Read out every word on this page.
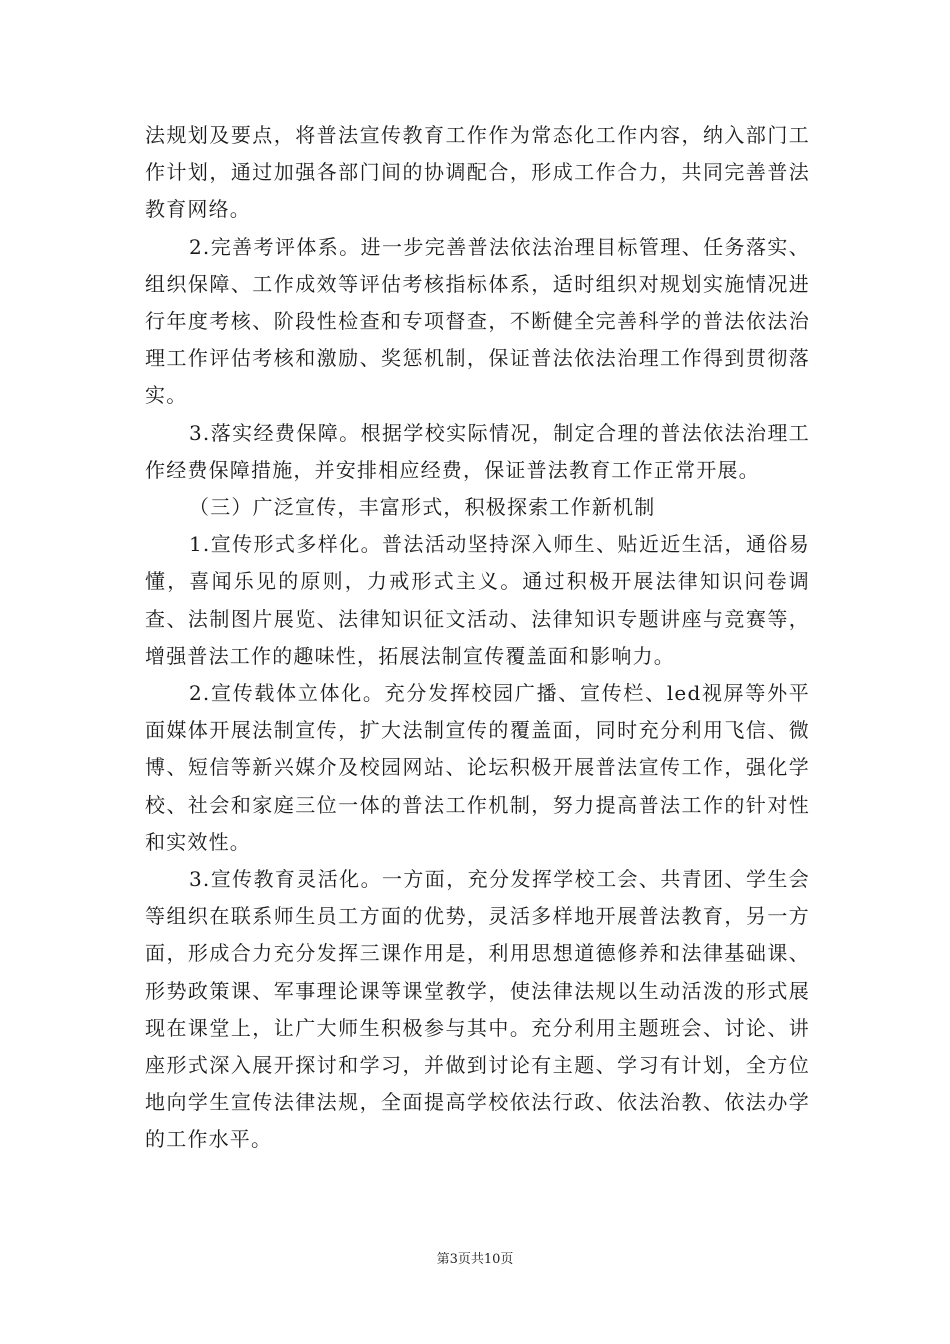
法规划及要点，将普法宣传教育工作作为常态化工作内容，纳入部门工作计划，通过加强各部门间的协调配合，形成工作合力，共同完善普法教育网络。

2.完善考评体系。进一步完善普法依法治理目标管理、任务落实、组织保障、工作成效等评估考核指标体系，适时组织对规划实施情况进行年度考核、阶段性检查和专项督查，不断健全完善科学的普法依法治理工作评估考核和激励、奖惩机制，保证普法依法治理工作得到贯彻落实。

3.落实经费保障。根据学校实际情况，制定合理的普法依法治理工作经费保障措施，并安排相应经费，保证普法教育工作正常开展。

（三）广泛宣传，丰富形式，积极探索工作新机制

1.宣传形式多样化。普法活动坚持深入师生、贴近近生活，通俗易懂，喜闻乐见的原则，力戒形式主义。通过积极开展法律知识问卷调查、法制图片展览、法律知识征文活动、法律知识专题讲座与竞赛等，增强普法工作的趣味性，拓展法制宣传覆盖面和影响力。

2.宣传载体立体化。充分发挥校园广播、宣传栏、led视屏等外平面媒体开展法制宣传，扩大法制宣传的覆盖面，同时充分利用飞信、微博、短信等新兴媒介及校园网站、论坛积极开展普法宣传工作，强化学校、社会和家庭三位一体的普法工作机制，努力提高普法工作的针对性和实效性。

3.宣传教育灵活化。一方面，充分发挥学校工会、共青团、学生会等组织在联系师生员工方面的优势，灵活多样地开展普法教育，另一方面，形成合力充分发挥三课作用是，利用思想道德修养和法律基础课、形势政策课、军事理论课等课堂教学，使法律法规以生动活泼的形式展现在课堂上，让广大师生积极参与其中。充分利用主题班会、讨论、讲座形式深入展开探讨和学习，并做到讨论有主题、学习有计划，全方位地向学生宣传法律法规，全面提高学校依法行政、依法治教、依法办学的工作水平。

第3页共10页
